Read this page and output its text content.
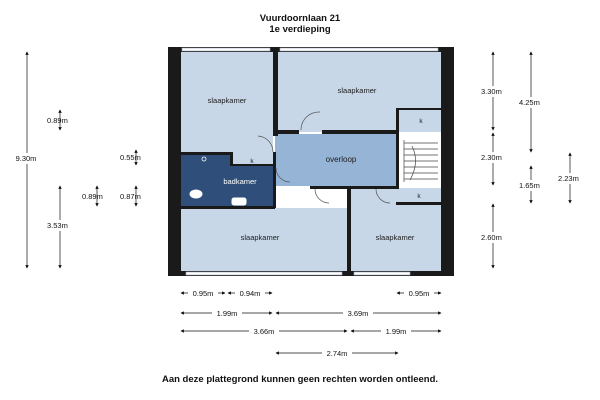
Vuurdoornlaan 21
1e verdieping
slaapkamer
slaapkamer
overloop
badkamer
slaapkamer	slaapkamer
k
k
k
9.30m
0.89m
3.53m
0.89m 0.87m
0.55m
3.30m
4.25m
2.30m
1.65m
2.23m
2.60m
0.95m	0.94m	0.95m
1.99m	3.69m
3.66m	1.99m
2.74m
Aan deze plattegrond kunnen geen rechten worden ontleend.
